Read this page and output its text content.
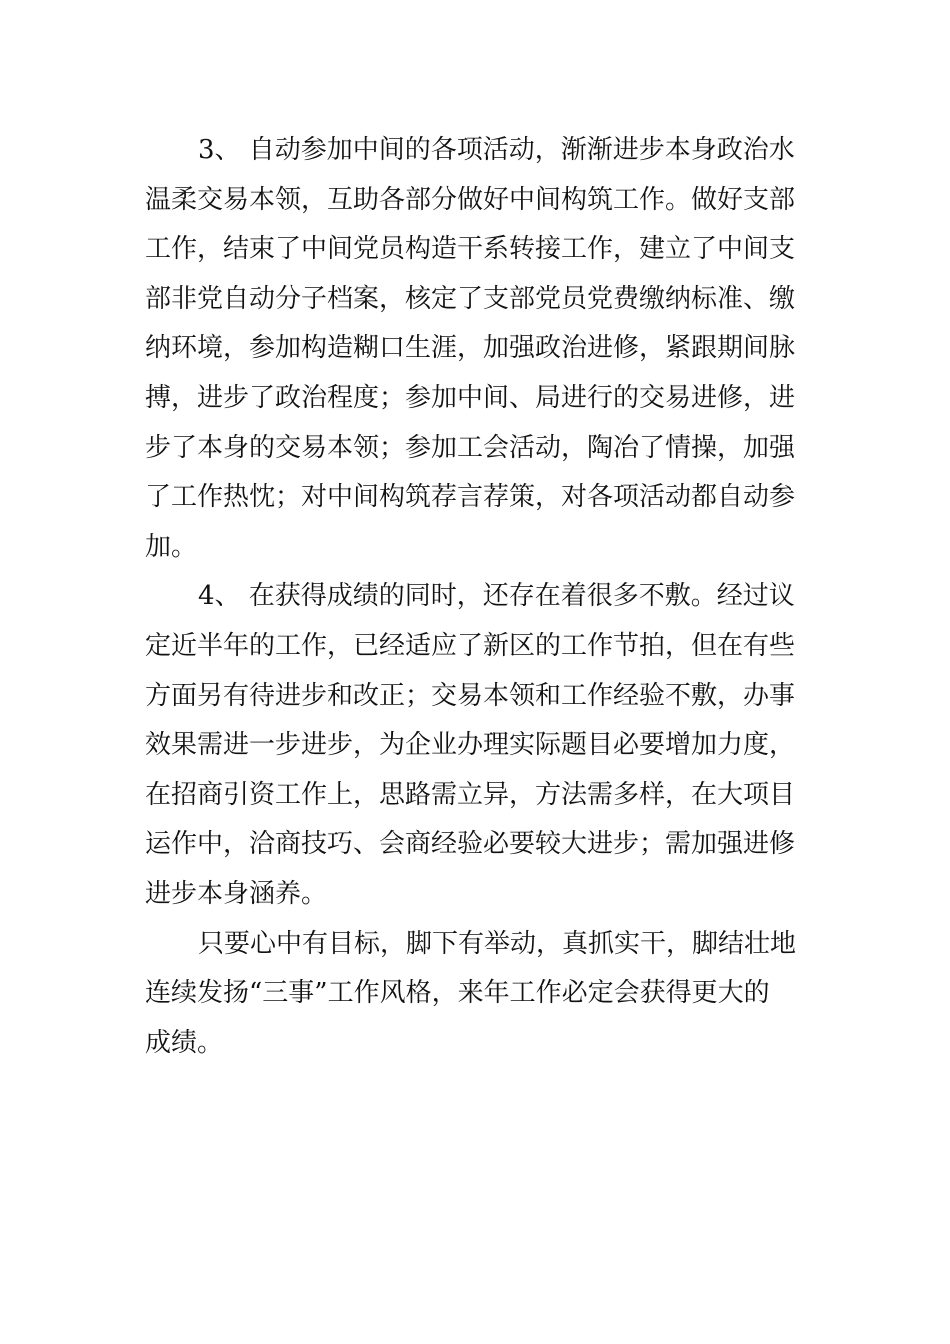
3、 自动参加中间的各项活动，渐渐进步本身政治水
温柔交易本领，互助各部分做好中间构筑工作。做好支部
工作，结束了中间党员构造干系转接工作，建立了中间支
部非党自动分子档案，核定了支部党员党费缴纳标准、缴
纳环境，参加构造糊口生涯，加强政治进修，紧跟期间脉
搏，进步了政治程度；参加中间、局进行的交易进修，进
步了本身的交易本领；参加工会活动，陶冶了情操，加强
了工作热忱；对中间构筑荐言荐策，对各项活动都自动参
加。
4、 在获得成绩的同时，还存在着很多不敷。经过议
定近半年的工作，已经适应了新区的工作节拍，但在有些
方面另有待进步和改正；交易本领和工作经验不敷，办事
效果需进一步进步，为企业办理实际题目必要增加力度，
在招商引资工作上，思路需立异，方法需多样，在大项目
运作中，洽商技巧、会商经验必要较大进步；需加强进修
进步本身涵养。
只要心中有目标，脚下有举动，真抓实干，脚结壮地
连续发扬“三事”工作风格，来年工作必定会获得更大的
成绩。
